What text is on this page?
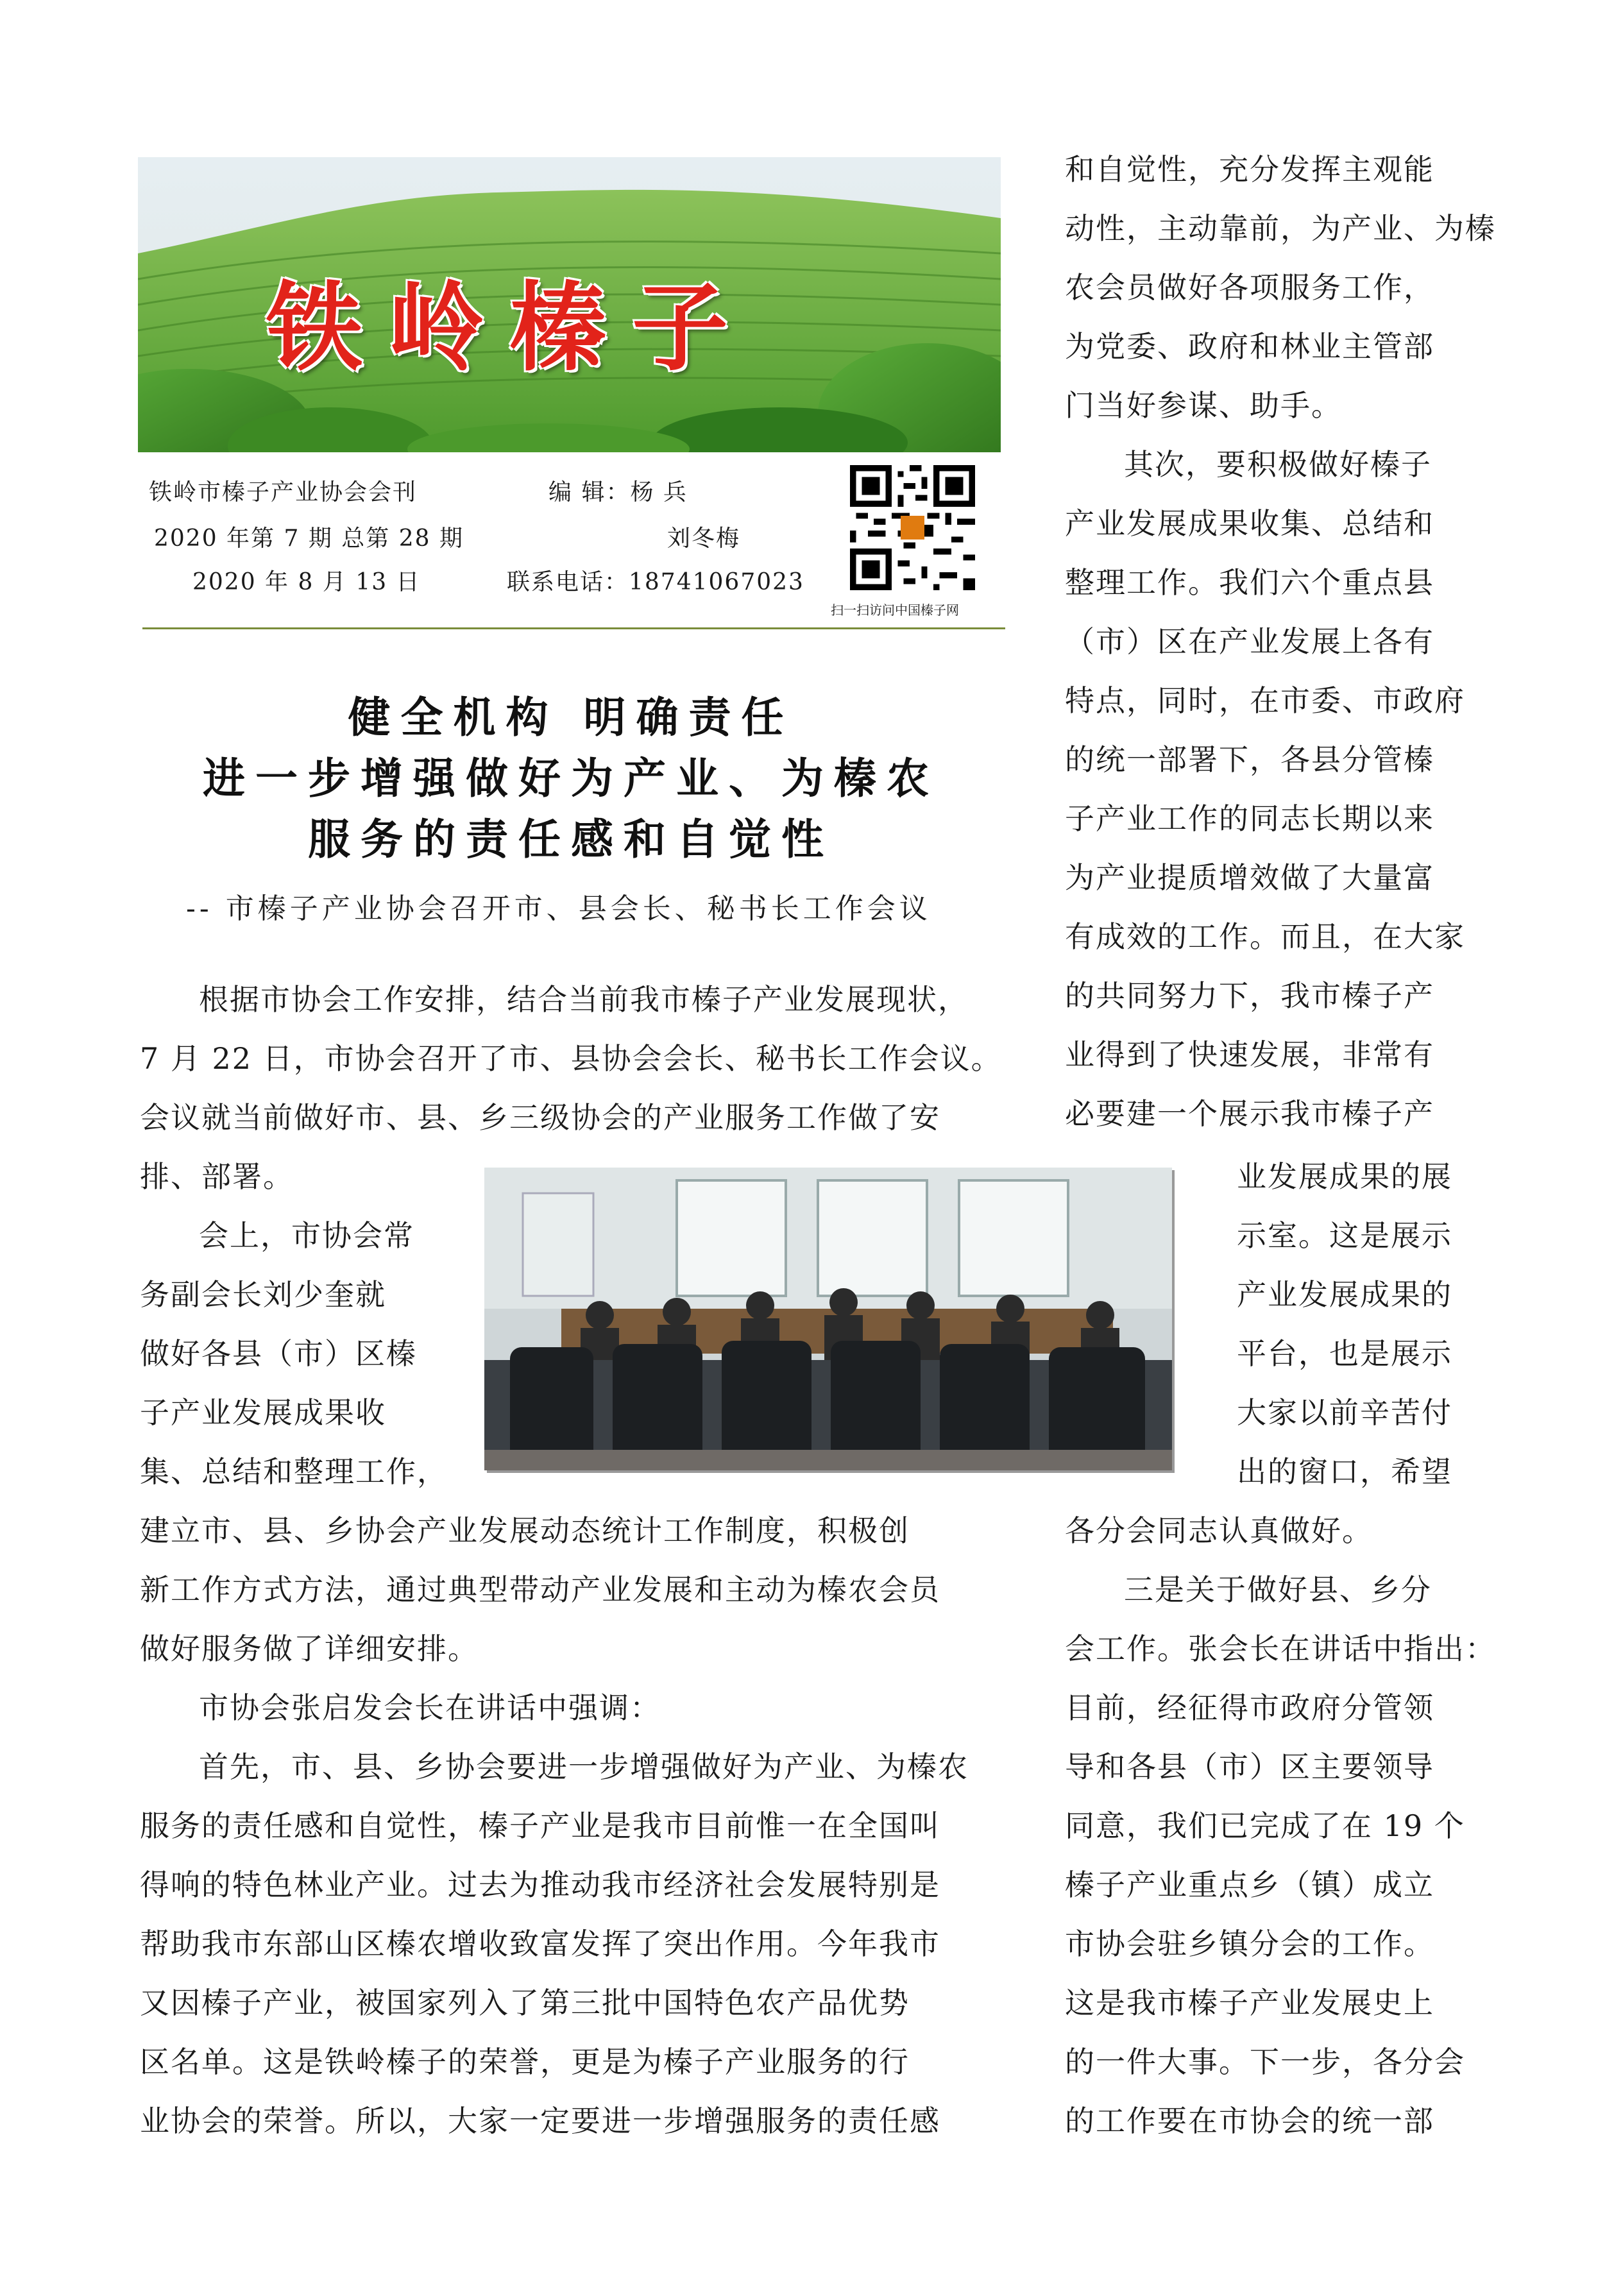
铁岭榛子
铁岭市榛子产业协会会刊
2020 年第 7 期 总第 28 期
2020 年 8 月 13 日
编 辑：杨 兵
刘冬梅
联系电话：18741067023
扫一扫访问中国榛子网
健全机构 明确责任
进一步增强做好为产业、为榛农
服务的责任感和自觉性
-- 市榛子产业协会召开市、县会长、秘书长工作会议

根据市协会工作安排，结合当前我市榛子产业发展现状，

7 月 22 日，市协会召开了市、县协会会长、秘书长工作会议。

会议就当前做好市、县、乡三级协会的产业服务工作做了安

排、部署。

会上，市协会常

务副会长刘少奎就

做好各县（市）区榛

子产业发展成果收

集、总结和整理工作，

建立市、县、乡协会产业发展动态统计工作制度，积极创

新工作方式方法，通过典型带动产业发展和主动为榛农会员

做好服务做了详细安排。

市协会张启发会长在讲话中强调：

首先，市、县、乡协会要进一步增强做好为产业、为榛农

服务的责任感和自觉性，榛子产业是我市目前惟一在全国叫

得响的特色林业产业。过去为推动我市经济社会发展特别是

帮助我市东部山区榛农增收致富发挥了突出作用。今年我市

又因榛子产业，被国家列入了第三批中国特色农产品优势

区名单。这是铁岭榛子的荣誉，更是为榛子产业服务的行

业协会的荣誉。所以，大家一定要进一步增强服务的责任感

业发展成果的展

示室。这是展示

产业发展成果的

平台，也是展示

大家以前辛苦付

出的窗口，希望

和自觉性，充分发挥主观能

动性，主动靠前，为产业、为榛

农会员做好各项服务工作，

为党委、政府和林业主管部

门当好参谋、助手。

其次，要积极做好榛子

产业发展成果收集、总结和

整理工作。我们六个重点县

（市）区在产业发展上各有

特点，同时，在市委、市政府

的统一部署下，各县分管榛

子产业工作的同志长期以来

为产业提质增效做了大量富

有成效的工作。而且，在大家

的共同努力下，我市榛子产

业得到了快速发展，非常有

必要建一个展示我市榛子产

各分会同志认真做好。

三是关于做好县、乡分

会工作。张会长在讲话中指出：

目前，经征得市政府分管领

导和各县（市）区主要领导

同意，我们已完成了在 19 个

榛子产业重点乡（镇）成立

市协会驻乡镇分会的工作。

这是我市榛子产业发展史上

的一件大事。下一步，各分会

的工作要在市协会的统一部
